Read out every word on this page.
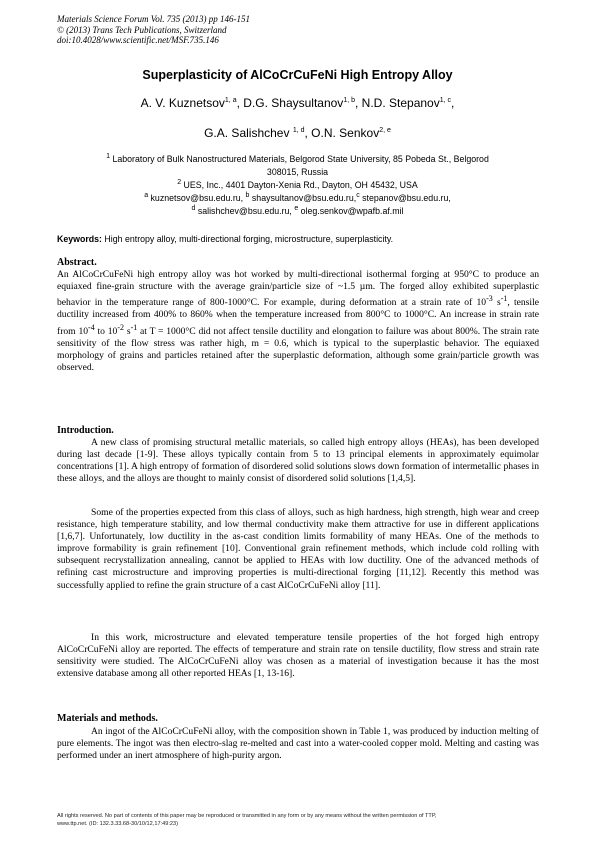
Materials Science Forum Vol. 735 (2013) pp 146-151
© (2013) Trans Tech Publications, Switzerland
doi:10.4028/www.scientific.net/MSF.735.146
Superplasticity of AlCoCrCuFeNi High Entropy Alloy
A. V. Kuznetsov$^{1, a}$, D.G. Shaysultanov$^{1, b}$, N.D. Stepanov$^{1, c}$,
G.A. Salishchev $^{1, d}$, O.N. Senkov$^{2, e}$
$^1$ Laboratory of Bulk Nanostructured Materials, Belgorod State University, 85 Pobeda St., Belgorod
308015, Russia
$^2$ UES, Inc., 4401 Dayton-Xenia Rd., Dayton, OH 45432, USA
$^a$ kuznetsov@bsu.edu.ru, $^b$ shaysultanov@bsu.edu.ru,$^c$ stepanov@bsu.edu.ru,
$^d$ salishchev@bsu.edu.ru, $^e$ oleg.senkov@wpafb.af.mil
Keywords: High entropy alloy, multi-directional forging, microstructure, superplasticity.
Abstract.
An AlCoCrCuFeNi high entropy alloy was hot worked by multi-directional isothermal forging at 950°C to produce an equiaxed fine-grain structure with the average grain/particle size of ~1.5 µm. The forged alloy exhibited superplastic behavior in the temperature range of 800-1000°C. For example, during deformation at a strain rate of $10^{-3}$ $s^{-1}$, tensile ductility increased from 400% to 860% when the temperature increased from 800°C to 1000°C. An increase in strain rate from $10^{-4}$ to $10^{-2}$ $s^{-1}$ at T = 1000°C did not affect tensile ductility and elongation to failure was about 800%. The strain rate sensitivity of the flow stress was rather high, m = 0.6, which is typical to the superplastic behavior. The equiaxed morphology of grains and particles retained after the superplastic deformation, although some grain/particle growth was observed.
Introduction.
A new class of promising structural metallic materials, so called high entropy alloys (HEAs), has been developed during last decade [1-9]. These alloys typically contain from 5 to 13 principal elements in approximately equimolar concentrations [1]. A high entropy of formation of disordered solid solutions slows down formation of intermetallic phases in these alloys, and the alloys are thought to mainly consist of disordered solid solutions [1,4,5].
Some of the properties expected from this class of alloys, such as high hardness, high strength, high wear and creep resistance, high temperature stability, and low thermal conductivity make them attractive for use in different applications [1,6,7]. Unfortunately, low ductility in the as-cast condition limits formability of many HEAs. One of the methods to improve formability is grain refinement [10]. Conventional grain refinement methods, which include cold rolling with subsequent recrystallization annealing, cannot be applied to HEAs with low ductility. One of the advanced methods of refining cast microstructure and improving properties is multi-directional forging [11,12]. Recently this method was successfully applied to refine the grain structure of a cast AlCoCrCuFeNi alloy [11].
In this work, microstructure and elevated temperature tensile properties of the hot forged high entropy AlCoCrCuFeNi alloy are reported. The effects of temperature and strain rate on tensile ductility, flow stress and strain rate sensitivity were studied. The AlCoCrCuFeNi alloy was chosen as a material of investigation because it has the most extensive database among all other reported HEAs [1, 13-16].
Materials and methods.
An ingot of the AlCoCrCuFeNi alloy, with the composition shown in Table 1, was produced by induction melting of pure elements. The ingot was then electro-slag re-melted and cast into a water-cooled copper mold. Melting and casting was performed under an inert atmosphere of high-purity argon.
All rights reserved. No part of contents of this paper may be reproduced or transmitted in any form or by any means without the written permission of TTP,
www.ttp.net. (ID: 132.3.33.68-30/10/12,17:49:23)
